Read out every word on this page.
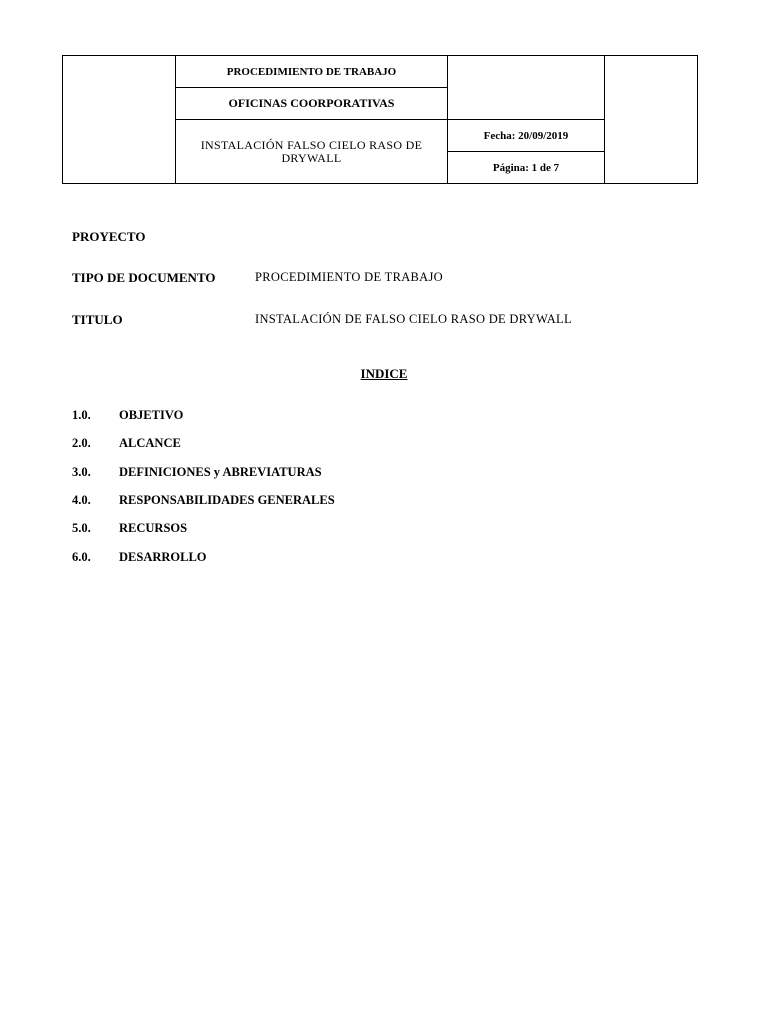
	PROCEDIMIENTO DE TRABAJO		
	OFICINAS COORPORATIVAS		
	INSTALACIÓN FALSO CIELO RASO DE DRYWALL	Fecha: 20/09/2019	
		Página: 1 de 7	
PROYECTO
TIPO DE DOCUMENTO	PROCEDIMIENTO DE TRABAJO
TITULO	INSTALACIÓN DE FALSO CIELO RASO DE DRYWALL
INDICE
1.0. OBJETIVO
2.0. ALCANCE
3.0. DEFINICIONES y ABREVIATURAS
4.0. RESPONSABILIDADES GENERALES
5.0. RECURSOS
6.0. DESARROLLO
